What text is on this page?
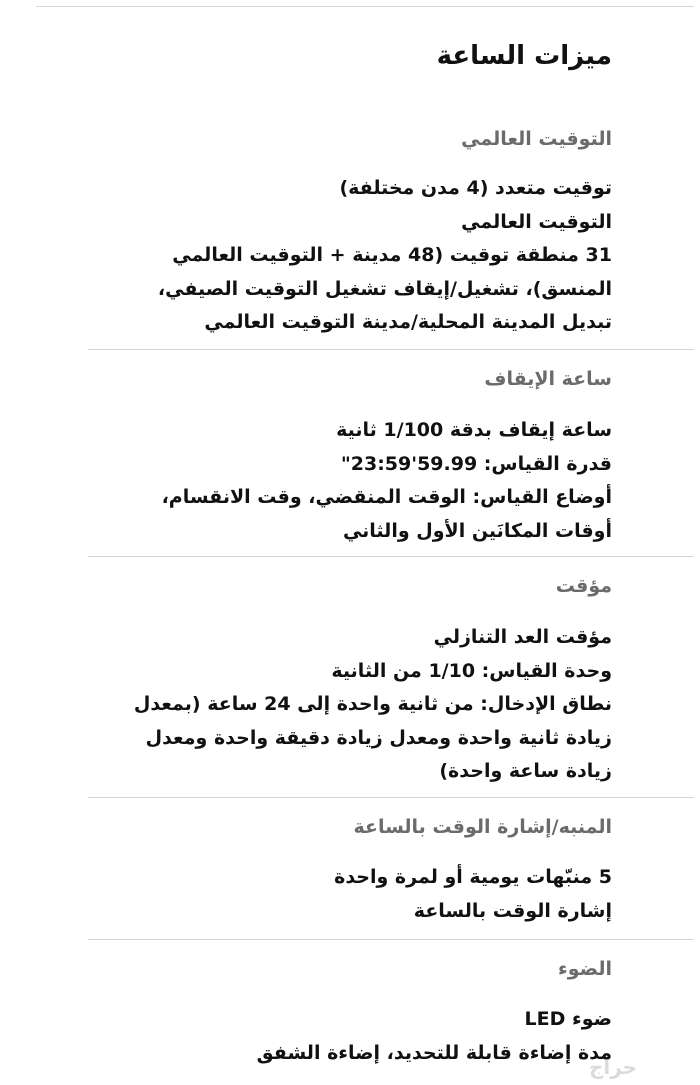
ميزات الساعة
التوقيت العالمي
توقيت متعدد (4 مدن مختلفة)
التوقيت العالمي
31 منطقة توقيت (48 مدينة + التوقيت العالمي
المنسق)، تشغيل/إيقاف تشغيل التوقيت الصيفي،
تبديل المدينة المحلية/مدينة التوقيت العالمي
ساعة الإيقاف
ساعة إيقاف بدقة 1/100 ثانية
قدرة القياس: 59.99'23:59"
أوضاع القياس: الوقت المنقضي، وقت الانقسام،
أوقات المكانَين الأول والثاني
مؤقت
مؤقت العد التنازلي
وحدة القياس: 1/10 من الثانية
نطاق الإدخال: من ثانية واحدة إلى 24 ساعة (بمعدل
زيادة ثانية واحدة ومعدل زيادة دقيقة واحدة ومعدل
زيادة ساعة واحدة)
المنبه/إشارة الوقت بالساعة
5 منبّهات يومية أو لمرة واحدة
إشارة الوقت بالساعة
الضوء
ضوء LED
مدة إضاءة قابلة للتحديد، إضاءة الشفق
حراج
